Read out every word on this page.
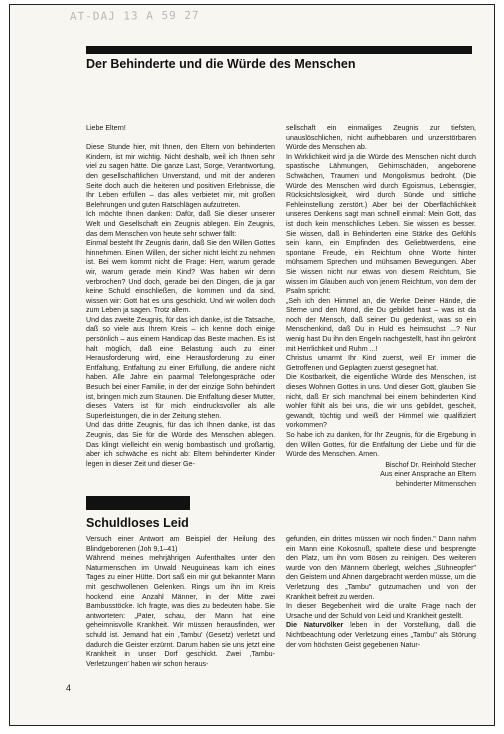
AT-DAJ 13 A 59 27
Der Behinderte und die Würde des Menschen

Liebe Eltern!

Diese Stunde hier, mit Ihnen, den Eltern von behinderten Kindern, ist mir wichtig. Nicht deshalb, weil ich Ihnen sehr viel zu sagen hätte. Die ganze Last, Sorge, Verantwortung, den gesellschaftlichen Unverstand, und mit der anderen Seite doch auch die heiteren und positiven Erlebnisse, die Ihr Leben erfüllen – das alles verbietet mir, mit großen Belehrungen und guten Ratschlägen aufzutreten.

Ich möchte Ihnen danken: Dafür, daß Sie dieser unserer Welt und Gesellschaft ein Zeugnis ablegen. Ein Zeugnis, das dem Menschen von heute sehr schwer fällt:

Einmal besteht Ihr Zeugnis darin, daß Sie den Willen Gottes hinnehmen. Einen Willen, der sicher nicht leicht zu nehmen ist. Bei wem kommt nicht die Frage: Herr, warum gerade wir, warum gerade mein Kind? Was haben wir denn verbrochen? Und doch, gerade bei den Dingen, die ja gar keine Schuld einschließen, die kommen und da sind, wissen wir: Gott hat es uns geschickt. Und wir wollen doch zum Leben ja sagen. Trotz allem.

Und das zweite Zeugnis, für das ich danke, ist die Tatsache, daß so viele aus Ihrem Kreis – ich kenne doch einige persönlich – aus einem Handicap das Beste machen. Es ist halt möglich, daß eine Belastung auch zu einer Herausforderung wird, eine Herausforderung zu einer Entfaltung, Entfaltung zu einer Erfüllung, die andere nicht haben. Alle Jahre ein paarmal Telefongespräche oder Besuch bei einer Familie, in der der einzige Sohn behindert ist, bringen mich zum Staunen. Die Entfaltung dieser Mutter, dieses Vaters ist für mich eindrucksvoller als alle Superleistungen, die in der Zeitung stehen.

Und das dritte Zeugnis, für das ich Ihnen danke, ist das Zeugnis, das Sie für die Würde des Menschen ablegen. Das klingt vielleicht ein wenig bombastisch und großartig, aber ich schwäche es nicht ab: Eltern behinderter Kinder legen in dieser Zeit und dieser Ge-

sellschaft ein einmaliges Zeugnis zur tiefsten, unauslöschlichen, nicht aufhebbaren und unzerstörbaren Würde des Menschen ab.

In Wirklichkeit wird ja die Würde des Menschen nicht durch spastische Lähmungen, Gehirnschäden, angeborene Schwächen, Traumen und Mongolismus bedroht. (Die Würde des Menschen wird durch Egoismus, Lebensgier, Rücksichtslosigkeit, wird durch Sünde und sittliche Fehleinstellung zerstört.) Aber bei der Oberflächlichkeit unseres Denkens sagt man schnell einmal: Mein Gott, das ist doch kein menschliches Leben. Sie wissen es besser. Sie wissen, daß in Behinderten eine Stärke des Gefühls sein kann, ein Empfinden des Geliebtwerdens, eine spontane Freude, ein Reichtum ohne Worte hinter mühsamem Sprechen und mühsamen Bewegungen. Aber Sie wissen nicht nur etwas von diesem Reichtum, Sie wissen im Glauben auch von jenem Reichtum, von dem der Psalm spricht:

„Seh ich den Himmel an, die Werke Deiner Hände, die Sterne und den Mond, die Du gebildet hast – was ist da noch der Mensch, daß seiner Du gedenkst, was so ein Menschenkind, daß Du in Huld es heimsuchst ...? Nur wenig hast Du ihn den Engeln nachgestellt, hast ihn gekrönt mit Herrlichkeit und Ruhm ...!

Christus umarmt Ihr Kind zuerst, weil Er immer die Getroffenen und Geplagten zuerst gesegnet hat.

Die Kostbarkeit, die eigentliche Würde des Menschen, ist dieses Wohnen Gottes in uns. Und dieser Gott, glauben Sie nicht, daß Er sich manchmal bei einem behinderten Kind wohler fühlt als bei uns, die wir uns gebildet, gescheit, gewandt, tüchtig und weiß der Himmel wie qualifiziert vorkommen?

So habe ich zu danken, für Ihr Zeugnis, für die Ergebung in den Willen Gottes, für die Entfaltung der Liebe und für die Würde des Menschen. Amen.

Bischof Dr. Reinhold Stecher
Aus einer Ansprache an Eltern
behinderter Mitmenschen
Schuldloses Leid

Versuch einer Antwort am Beispiel der Heilung des Blindgeborenen (Joh 9,1–41)

Während meines mehrjährigen Aufenthaltes unter den Naturmenschen im Urwald Neuguineas kam ich eines Tages zu einer Hütte. Dort saß ein mir gut bekannter Mann mit geschwollenen Gelenken. Rings um ihn im Kreis hockend eine Anzahl Männer, in der Mitte zwei Bambusstöcke. Ich fragte, was dies zu bedeuten habe. Sie antworteten: „Pater, schau, der Mann hat eine geheimnisvolle Krankheit. Wir müssen herausfinden, wer schuld ist. Jemand hat ein ,Tambu' (Gesetz) verletzt und dadurch die Geister erzürnt. Darum haben sie uns jetzt eine Krankheit in unser Dorf geschickt. Zwei ,Tambu-Verletzungen' haben wir schon heraus-

gefunden, ein drittes müssen wir noch finden." Dann nahm ein Mann eine Kokosnuß, spaltete diese und besprengte den Platz, um ihn vom Bösen zu reinigen. Des weiteren wurde von den Männern überlegt, welches „Sühneopfer" den Geistern und Ahnen dargebracht werden müsse, um die Verletzung des „Tambu" gutzumachen und von der Krankheit befreit zu werden.

In dieser Begebenheit wird die uralte Frage nach der Ursache und der Schuld von Leid und Krankheit gestellt.

Die Naturvölker leben in der Vorstellung, daß die Nichtbeachtung oder Verletzung eines „Tambu" als Störung der vom höchsten Geist gegebenen Natur-

4
